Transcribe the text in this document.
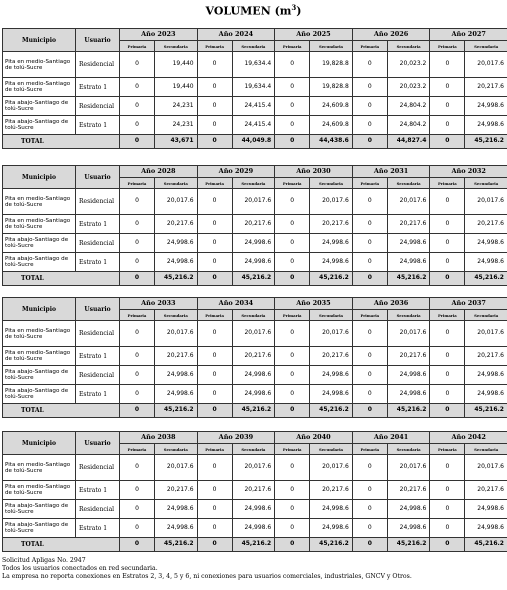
VOLUMEN $(m^3)$
Municipio	Usuario	Año 2023		Año 2024		Año 2025		Año 2026		Año 2027	
		Primaria	Secundaria	Primaria	Secundaria	Primaria	Secundaria	Primaria	Secundaria	Primaria	Secundaria
Pita en medio-Santiago de tolú-Sucre	Residencial	0	19,440	0	19,634.4	0	19,828.8	0	20,023.2	0	20,017.6
Pita en medio-Santiago de tolú-Sucre	Estrato 1	0	19,440	0	19,634.4	0	19,828.8	0	20,023.2	0	20,217.6
Pita abajo-Santiago de tolú-Sucre	Residencial	0	24,231	0	24,415.4	0	24,609.8	0	24,804.2	0	24,998.6
Pita abajo-Santiago de tolú-Sucre	Estrato 1	0	24,231	0	24,415.4	0	24,609.8	0	24,804.2	0	24,998.6
TOTAL		0	43,671	0	44,049.8	0	44,438.6	0	44,827.4	0	45,216.2
Municipio	Usuario	Año 2028		Año 2029		Año 2030		Año 2031		Año 2032	
		Primaria	Secundaria	Primaria	Secundaria	Primaria	Secundaria	Primaria	Secundaria	Primaria	Secundaria
Pita en medio-Santiago de tolú-Sucre	Residencial	0	20,017.6	0	20,017.6	0	20,017.6	0	20,017.6	0	20,017.6
Pita en medio-Santiago de tolú-Sucre	Estrato 1	0	20,217.6	0	20,217.6	0	20,217.6	0	20,217.6	0	20,217.6
Pita abajo-Santiago de tolú-Sucre	Residencial	0	24,998.6	0	24,998.6	0	24,998.6	0	24,998.6	0	24,998.6
Pita abajo-Santiago de tolú-Sucre	Estrato 1	0	24,998.6	0	24,998.6	0	24,998.6	0	24,998.6	0	24,998.6
TOTAL		0	45,216.2	0	45,216.2	0	45,216.2	0	45,216.2	0	45,216.2
Municipio	Usuario	Año 2033		Año 2034		Año 2035		Año 2036		Año 2037	
		Primaria	Secundaria	Primaria	Secundaria	Primaria	Secundaria	Primaria	Secundaria	Primaria	Secundaria
Pita en medio-Santiago de tolú-Sucre	Residencial	0	20,017.6	0	20,017.6	0	20,017.6	0	20,017.6	0	20,017.6
Pita en medio-Santiago de tolú-Sucre	Estrato 1	0	20,217.6	0	20,217.6	0	20,217.6	0	20,217.6	0	20,217.6
Pita abajo-Santiago de tolú-Sucre	Residencial	0	24,998.6	0	24,998.6	0	24,998.6	0	24,998.6	0	24,998.6
Pita abajo-Santiago de tolú-Sucre	Estrato 1	0	24,998.6	0	24,998.6	0	24,998.6	0	24,998.6	0	24,998.6
TOTAL		0	45,216.2	0	45,216.2	0	45,216.2	0	45,216.2	0	45,216.2
Municipio	Usuario	Año 2038		Año 2039		Año 2040		Año 2041		Año 2042	
		Primaria	Secundaria	Primaria	Secundaria	Primaria	Secundaria	Primaria	Secundaria	Primaria	Secundaria
Pita en medio-Santiago de tolú-Sucre	Residencial	0	20,017.6	0	20,017.6	0	20,017.6	0	20,017.6	0	20,017.6
Pita en medio-Santiago de tolú-Sucre	Estrato 1	0	20,217.6	0	20,217.6	0	20,217.6	0	20,217.6	0	20,217.6
Pita abajo-Santiago de tolú-Sucre	Residencial	0	24,998.6	0	24,998.6	0	24,998.6	0	24,998.6	0	24,998.6
Pita abajo-Santiago de tolú-Sucre	Estrato 1	0	24,998.6	0	24,998.6	0	24,998.6	0	24,998.6	0	24,998.6
TOTAL		0	45,216.2	0	45,216.2	0	45,216.2	0	45,216.2	0	45,216.2
Solicitud Apligas No. 2947
Todos los usuarios conectados en red secundaria.
La empresa no reporta conexiones en Estratos 2, 3, 4, 5 y 6, ni conexiones para usuarios comerciales, industriales, GNCV y Otros.
